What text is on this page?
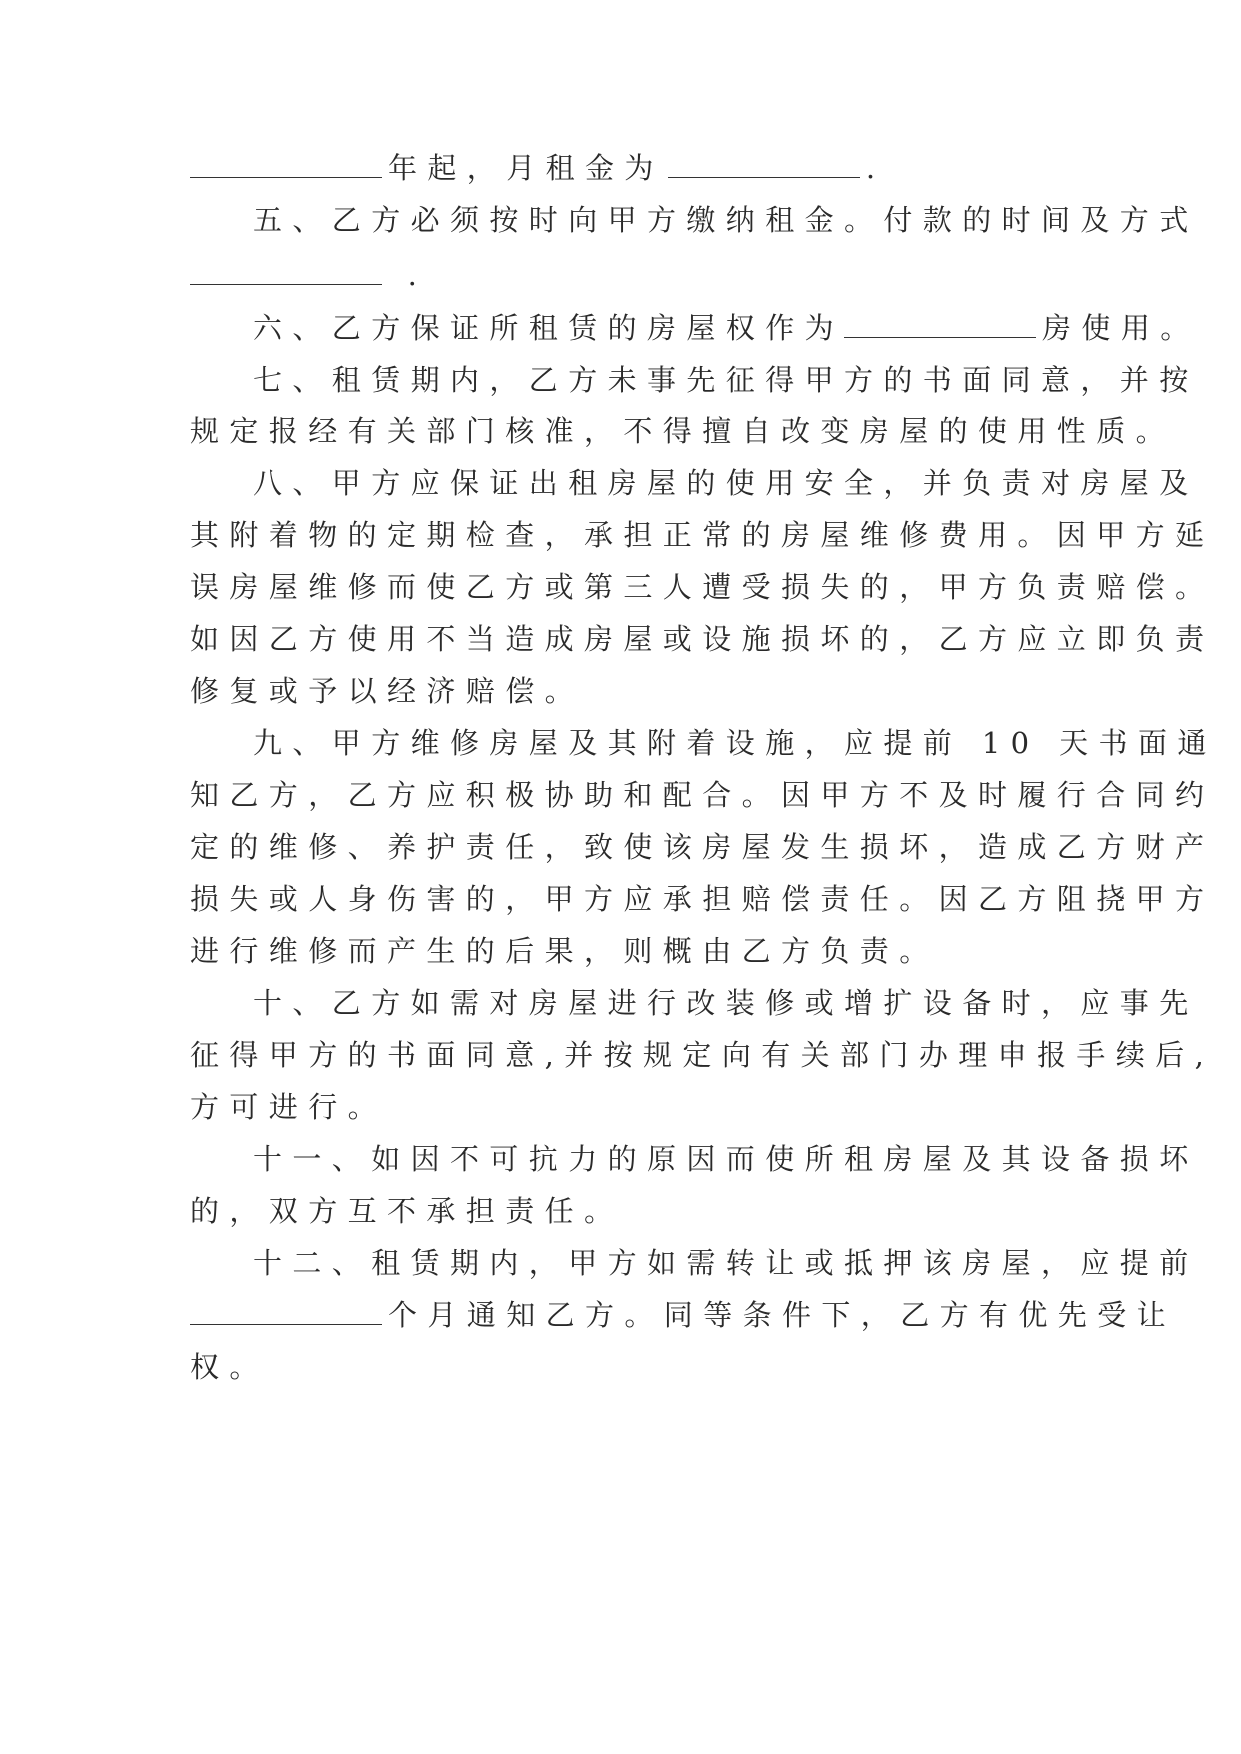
年起，月租金为	.
五、乙方必须按时向甲方缴纳租金。付款的时间及方式
.
六、乙方保证所租赁的房屋权作为	房使用。
七、租赁期内，乙方未事先征得甲方的书面同意，并按
规定报经有关部门核准，不得擅自改变房屋的使用性质。
八、甲方应保证出租房屋的使用安全，并负责对房屋及
其附着物的定期检查，承担正常的房屋维修费用。因甲方延
误房屋维修而使乙方或第三人遭受损失的，甲方负责赔偿。
如因乙方使用不当造成房屋或设施损坏的，乙方应立即负责
修复或予以经济赔偿。
九、甲方维修房屋及其附着设施，应提前 10 天书面通
知乙方，乙方应积极协助和配合。因甲方不及时履行合同约
定的维修、养护责任，致使该房屋发生损坏，造成乙方财产
损失或人身伤害的，甲方应承担赔偿责任。因乙方阻挠甲方
进行维修而产生的后果，则概由乙方负责。
十、乙方如需对房屋进行改装修或增扩设备时，应事先
征得甲方的书面同意,并按规定向有关部门办理申报手续后,
方可进行。
十一、如因不可抗力的原因而使所租房屋及其设备损坏
的，双方互不承担责任。
十二、租赁期内，甲方如需转让或抵押该房屋，应提前
个月通知乙方。同等条件下，乙方有优先受让
权。
